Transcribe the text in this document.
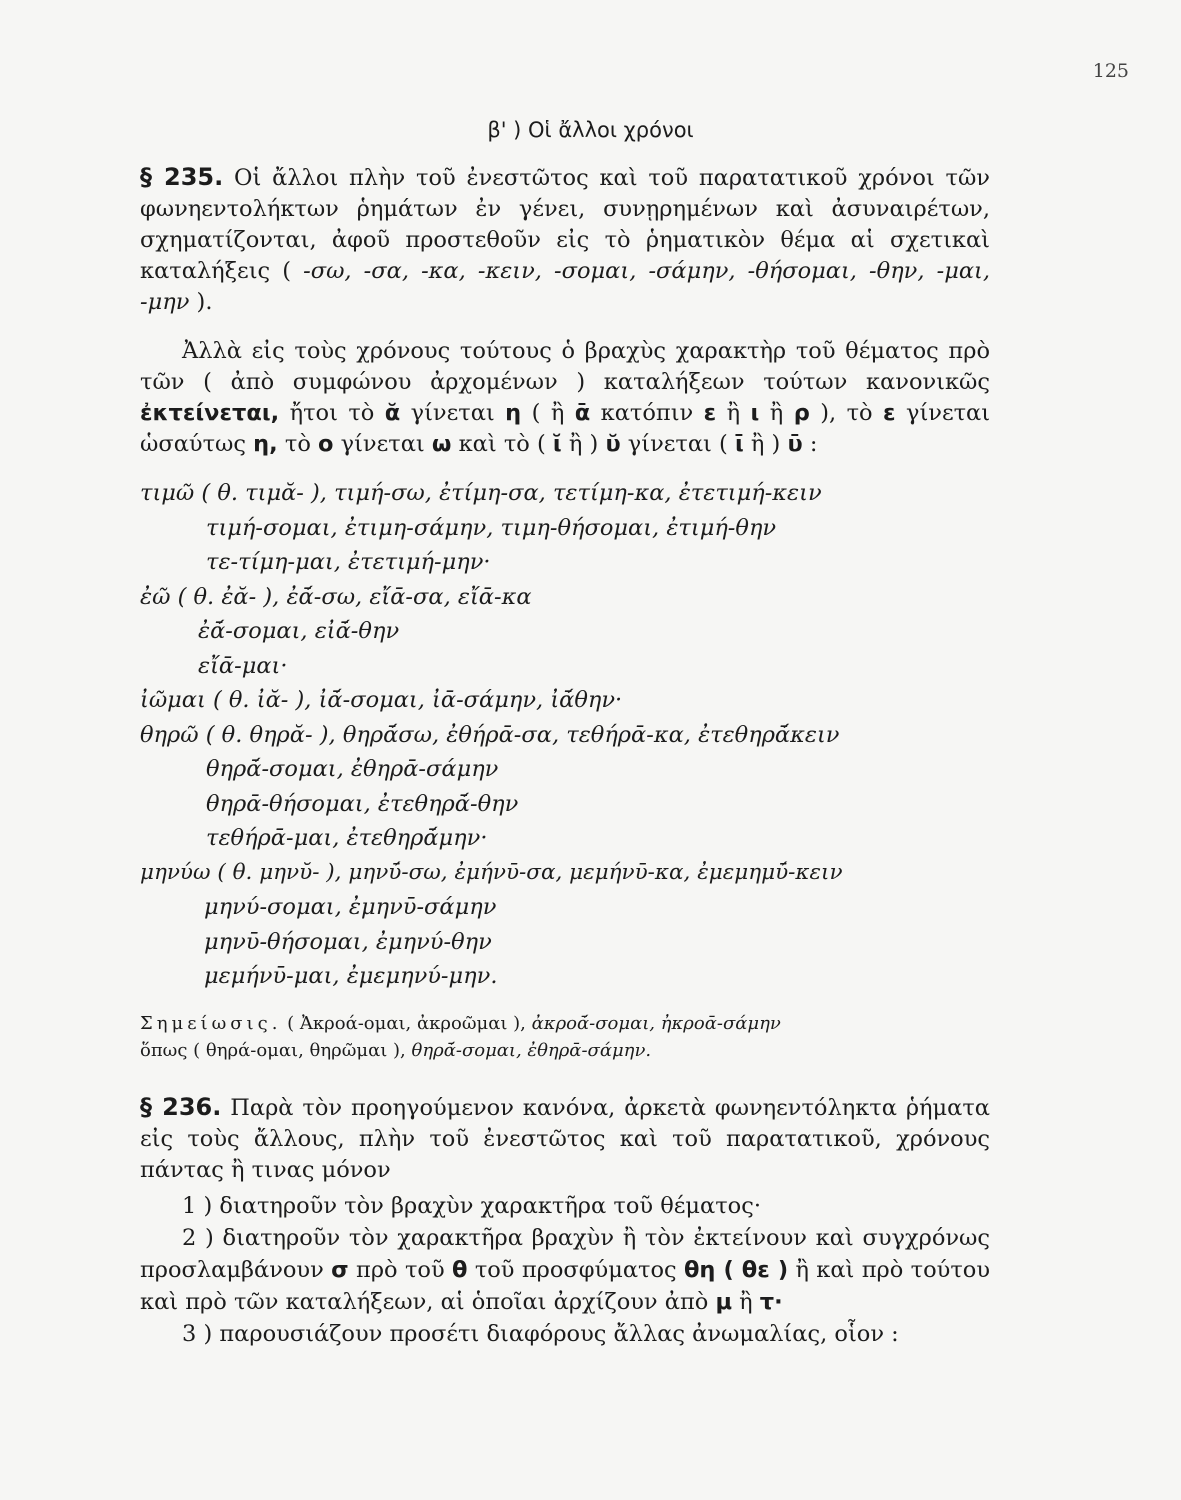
125
β' ) Οἱ ἄλλοι χρόνοι
§ 235. Οἱ ἄλλοι πλὴν τοῦ ἐνεστῶτος καὶ τοῦ παρατατικοῦ χρόνοι τῶν φωνηεντολήκτων ῥημάτων ἐν γένει, συνῃρημένων καὶ ἀσυναιρέτων, σχηματίζονται, ἀφοῦ προστεθοῦν εἰς τὸ ῥηματικὸν θέμα αἱ σχετικαὶ καταλήξεις ( -σω, -σα, -κα, -κειν, -σομαι, -σάμην, -θήσομαι, -θην, -μαι, -μην ).
Ἀλλὰ εἰς τοὺς χρόνους τούτους ὁ βραχὺς χαρακτὴρ τοῦ θέματος πρὸ τῶν ( ἀπὸ συμφώνου ἀρχομένων ) καταλήξεων τούτων κανονικῶς ἐκτείνεται, ἤτοι τὸ ᾰ γίνεται η ( ἢ ᾱ κατόπιν ε ἢ ι ἢ ρ ), τὸ ε γίνεται ὡσαύτως η, τὸ ο γίνεται ω καὶ τὸ ( ῐ ἢ ) ῠ γίνεται ( ῑ ἢ ) ῡ :
τιμῶ ( θ. τιμᾰ- ), τιμή-σω, ἐτίμη-σα, τετίμη-κα, ἐτετιμή-κειν
τιμή-σομαι, ἐτιμη-σάμην, τιμη-θήσομαι, ἐτιμή-θην
τε-τίμη-μαι, ἐτετιμή-μην·
ἐῶ ( θ. ἐᾰ- ), ἐᾱ́-σω, εἴᾱ-σα, εἴᾱ-κα
ἐᾱ́-σομαι, εἰᾱ́-θην
εἴᾱ-μαι·
ἰῶμαι ( θ. ἰᾰ- ), ἰᾱ́-σομαι, ἰᾱ-σάμην, ἰᾱ́θην·
θηρῶ ( θ. θηρᾰ- ), θηρᾱ́σω, ἐθήρᾱ-σα, τεθήρᾱ-κα, ἐτεθηρᾱ́κειν
θηρᾱ́-σομαι, ἐθηρᾱ-σάμην
θηρᾱ-θήσομαι, ἐτεθηρᾱ́-θην
τεθήρᾱ-μαι, ἐτεθηρᾱ́μην·
μηνύω ( θ. μηνῠ- ), μηνῡ́-σω, ἐμήνῡ-σα, μεμήνῡ-κα, ἐμεμημῡ́-κειν
μηνύ-σομαι, ἐμηνῡ-σάμην
μηνῡ-θήσομαι, ἐμηνύ-θην
μεμήνῡ-μαι, ἐμεμηνύ-μην.
Σημείωσις. ( Ἀκροά-ομαι, ἀκροῶμαι ), ἀκροᾱ́-σομαι, ἠκροᾱ-σάμην
ὅπως ( θηρά-ομαι, θηρῶμαι ), θηρᾱ́-σομαι, ἐθηρᾱ-σάμην.
§ 236. Παρὰ τὸν προηγούμενον κανόνα, ἀρκετὰ φωνηεντόληκτα ῥήματα εἰς τοὺς ἄλλους, πλὴν τοῦ ἐνεστῶτος καὶ τοῦ παρατατικοῦ, χρόνους πάντας ἢ τινας μόνον
1 ) διατηροῦν τὸν βραχὺν χαρακτῆρα τοῦ θέματος·
2 ) διατηροῦν τὸν χαρακτῆρα βραχὺν ἢ τὸν ἐκτείνουν καὶ συγχρόνως προσλαμβάνουν σ πρὸ τοῦ θ τοῦ προσφύματος θη ( θε ) ἢ καὶ πρὸ τούτου καὶ πρὸ τῶν καταλήξεων, αἱ ὁποῖαι ἀρχίζουν ἀπὸ μ ἢ τ·
3 ) παρουσιάζουν προσέτι διαφόρους ἄλλας ἀνωμαλίας, οἷον :
